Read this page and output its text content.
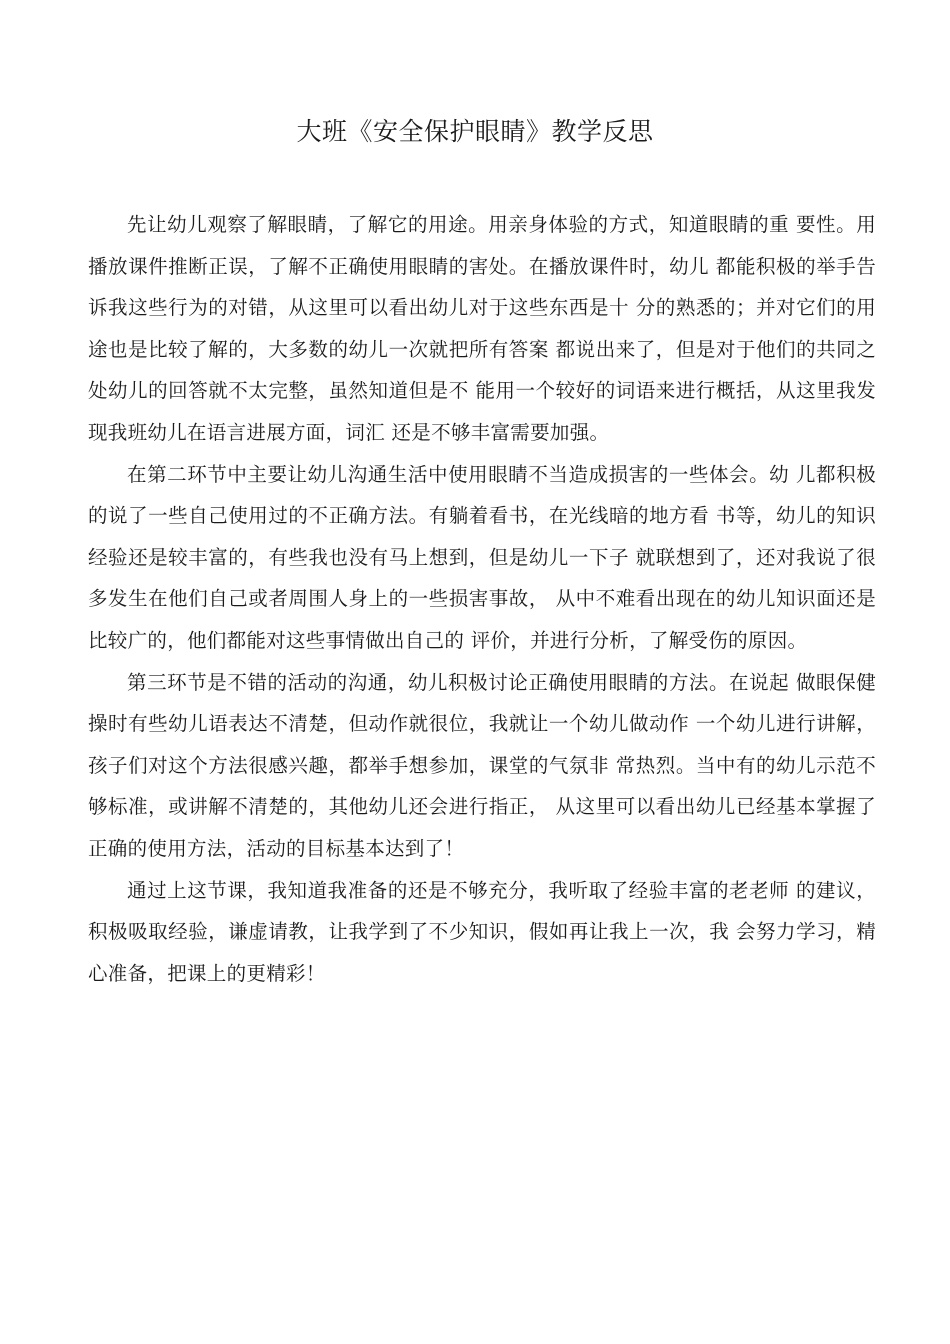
大班《安全保护眼睛》教学反思

先让幼儿观察了解眼睛，了解它的用途。用亲身体验的方式，知道眼睛的重 要性。用播放课件推断正误，了解不正确使用眼睛的害处。在播放课件时，幼儿 都能积极的举手告诉我这些行为的对错，从这里可以看出幼儿对于这些东西是十 分的熟悉的；并对它们的用途也是比较了解的，大多数的幼儿一次就把所有答案 都说出来了，但是对于他们的共同之处幼儿的回答就不太完整，虽然知道但是不 能用一个较好的词语来进行概括，从这里我发现我班幼儿在语言进展方面，词汇 还是不够丰富需要加强。

在第二环节中主要让幼儿沟通生活中使用眼睛不当造成损害的一些体会。幼 儿都积极的说了一些自己使用过的不正确方法。有躺着看书，在光线暗的地方看 书等，幼儿的知识经验还是较丰富的，有些我也没有马上想到，但是幼儿一下子 就联想到了，还对我说了很多发生在他们自己或者周围人身上的一些损害事故， 从中不难看出现在的幼儿知识面还是比较广的，他们都能对这些事情做出自己的 评价，并进行分析，了解受伤的原因。

第三环节是不错的活动的沟通，幼儿积极讨论正确使用眼睛的方法。在说起 做眼保健操时有些幼儿语表达不清楚，但动作就很位，我就让一个幼儿做动作 一个幼儿进行讲解，孩子们对这个方法很感兴趣，都举手想参加，课堂的气氛非 常热烈。当中有的幼儿示范不够标准，或讲解不清楚的，其他幼儿还会进行指正， 从这里可以看出幼儿已经基本掌握了正确的使用方法，活动的目标基本达到了！

通过上这节课，我知道我准备的还是不够充分，我听取了经验丰富的老老师 的建议，积极吸取经验，谦虚请教，让我学到了不少知识，假如再让我上一次，我 会努力学习，精心准备，把课上的更精彩！
